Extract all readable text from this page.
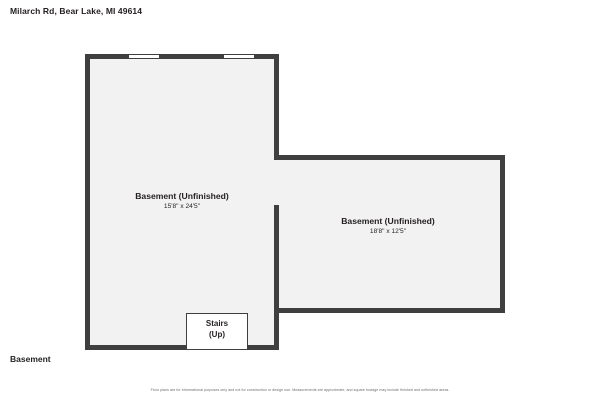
Milarch Rd, Bear Lake, MI 49614
Basement (Unfinished)
15'8" x 24'5"
Basement (Unfinished)
18'8" x 12'5"
Stairs
(Up)
Basement
Floor plans are for informational purposes only and not for construction or design use. Measurements are approximate, and square footage may include finished and unfinished areas.
